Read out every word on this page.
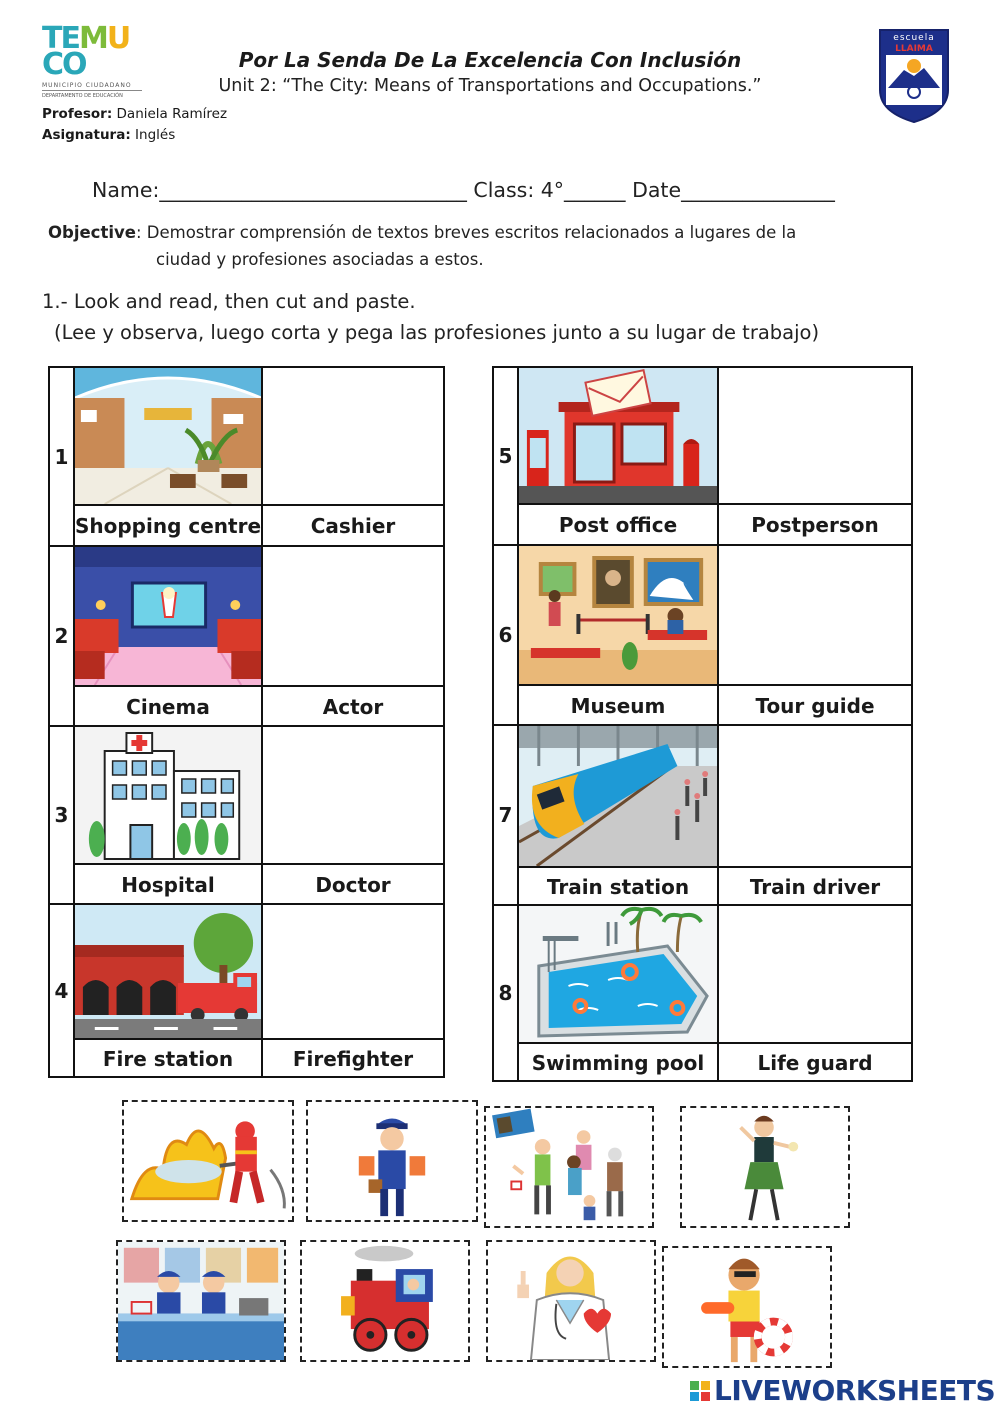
TEMU
CO
MUNICIPIO CIUDADANO
DEPARTAMENTO DE EDUCACIÓN
Por La Senda De La Excelencia Con Inclusión
Unit 2: “The City: Means of Transportations and Occupations.”
Profesor: Daniela Ramírez
Asignatura: Inglés
escuela
LLAIMA
Name:______________________________ Class: 4°______ Date_______________
Objective: Demostrar comprensión de textos breves escritos relacionados a lugares de la
ciudad y profesiones asociadas a estos.
1.- Look and read, then cut and paste.
(Lee y observa, luego corta y pega las profesiones junto a su lugar de trabajo)
1
Shopping centre	Cashier
2
Cinema	Actor
3
Hospital	Doctor
4
Fire station	Firefighter
5
Post office	Postperson
6
Museum	Tour guide
7
Train station	Train driver
8
Swimming pool	Life guard
LIVEWORKSHEETS
